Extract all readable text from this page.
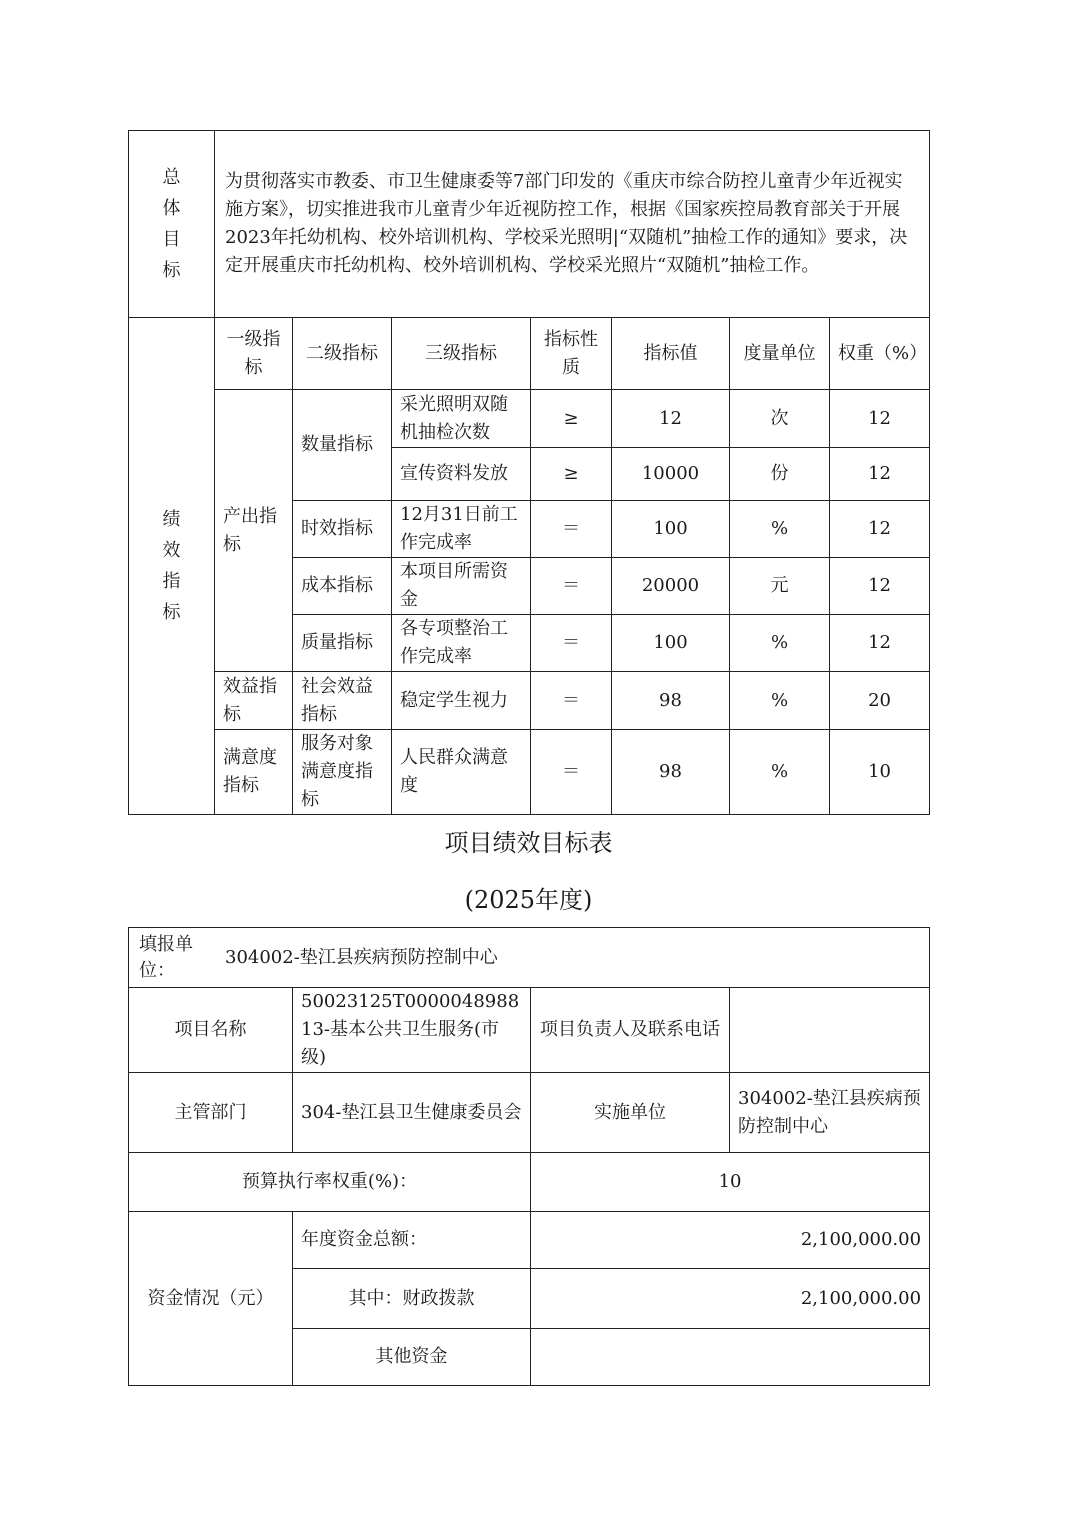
总
体
目
标	为贯彻落实市教委、市卫生健康委等7部门印发的《重庆市综合防控儿童青少年近视实施方案》，切实推进我市儿童青少年近视防控工作，根据《国家疾控局教育部关于开展2023年托幼机构、校外培训机构、学校采光照明|“双随机”抽检工作的通知》要求，决定开展重庆市托幼机构、校外培训机构、学校采光照片“双随机”抽检工作。						

绩
效
指
标	一级指标	二级指标	三级指标	指标性质	指标值	度量单位	权重（%）
	产出指标	数量指标	采光照明双随机抽检次数	≥	12	次	12
			宣传资料发放	≥	10000	份	12
		时效指标	12月31日前工作完成率	＝	100	%	12
		成本指标	本项目所需资金	＝	20000	元	12
		质量指标	各专项整治工作完成率	＝	100	%	12
	效益指标	社会效益指标	稳定学生视力	＝	98	%	20
	满意度指标	服务对象满意度指标	人民群众满意度	＝	98	%	10
项目绩效目标表
(2025年度)
填报单位：
304002-垫江县疾病预防控制中心			

项目名称	50023125T000004898813-基本公共卫生服务(市级)	项目负责人及联系电话	
主管部门	304-垫江县卫生健康委员会	实施单位	304002-垫江县疾病预防控制中心
预算执行率权重(%)：		10	
资金情况（元）	年度资金总额：	2,100,000.00	
	其中：财政拨款	2,100,000.00	
	其他资金		
